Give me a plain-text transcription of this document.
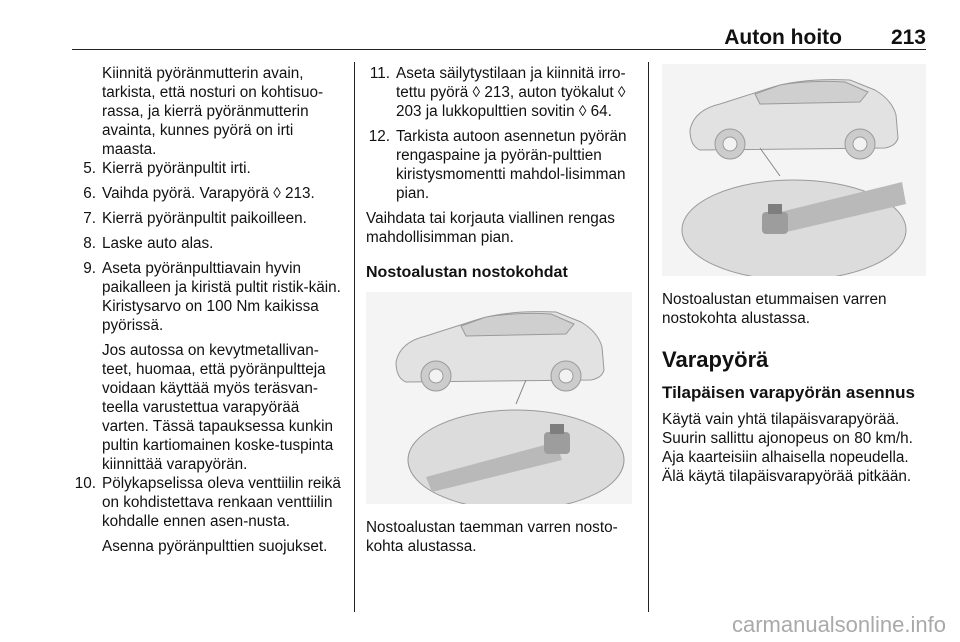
Auton hoito 213

Kiinnitä pyöränmutterin avain, tarkista, että nosturi on kohtisuo-rassa, ja kierrä pyöränmutterin avainta, kunnes pyörä on irti maasta.

5. Kierrä pyöränpultit irti.

6. Vaihda pyörä. Varapyörä ◊ 213.

7. Kierrä pyöränpultit paikoilleen.

8. Laske auto alas.

9. Aseta pyöränpulttiavain hyvin paikalleen ja kiristä pultit ristik-käin. Kiristysarvo on 100 Nm kaikissa pyörissä.

Jos autossa on kevytmetallivan-teet, huomaa, että pyöränpultteja voidaan käyttää myös teräsvan-teella varustettua varapyörää varten. Tässä tapauksessa kunkin pultin kartiomainen koske-tuspinta kiinnittää varapyörän.

10. Pölykapselissa oleva venttiilin reikä on kohdistettava renkaan venttiilin kohdalle ennen asen-nusta.

Asenna pyöränpulttien suojukset.

11. Aseta säilytystilaan ja kiinnitä irro-tettu pyörä ◊ 213, auton työkalut ◊ 203 ja lukkopulttien sovitin ◊ 64.

12. Tarkista autoon asennetun pyörän rengaspaine ja pyörän-pulttien kiristysmomentti mahdol-lisimman pian.

Vaihdata tai korjauta viallinen rengas mahdollisimman pian.

Nostoalustan nostokohdat

Nostoalustan taemman varren nosto-kohta alustassa.

Nostoalustan etummaisen varren nostokohta alustassa.

Varapyörä
Tilapäisen varapyörän asennus

Käytä vain yhtä tilapäisvarapyörää. Suurin sallittu ajonopeus on 80 km/h. Aja kaarteisiin alhaisella nopeudella. Älä käytä tilapäisvarapyörää pitkään.

carmanualsonline.info
